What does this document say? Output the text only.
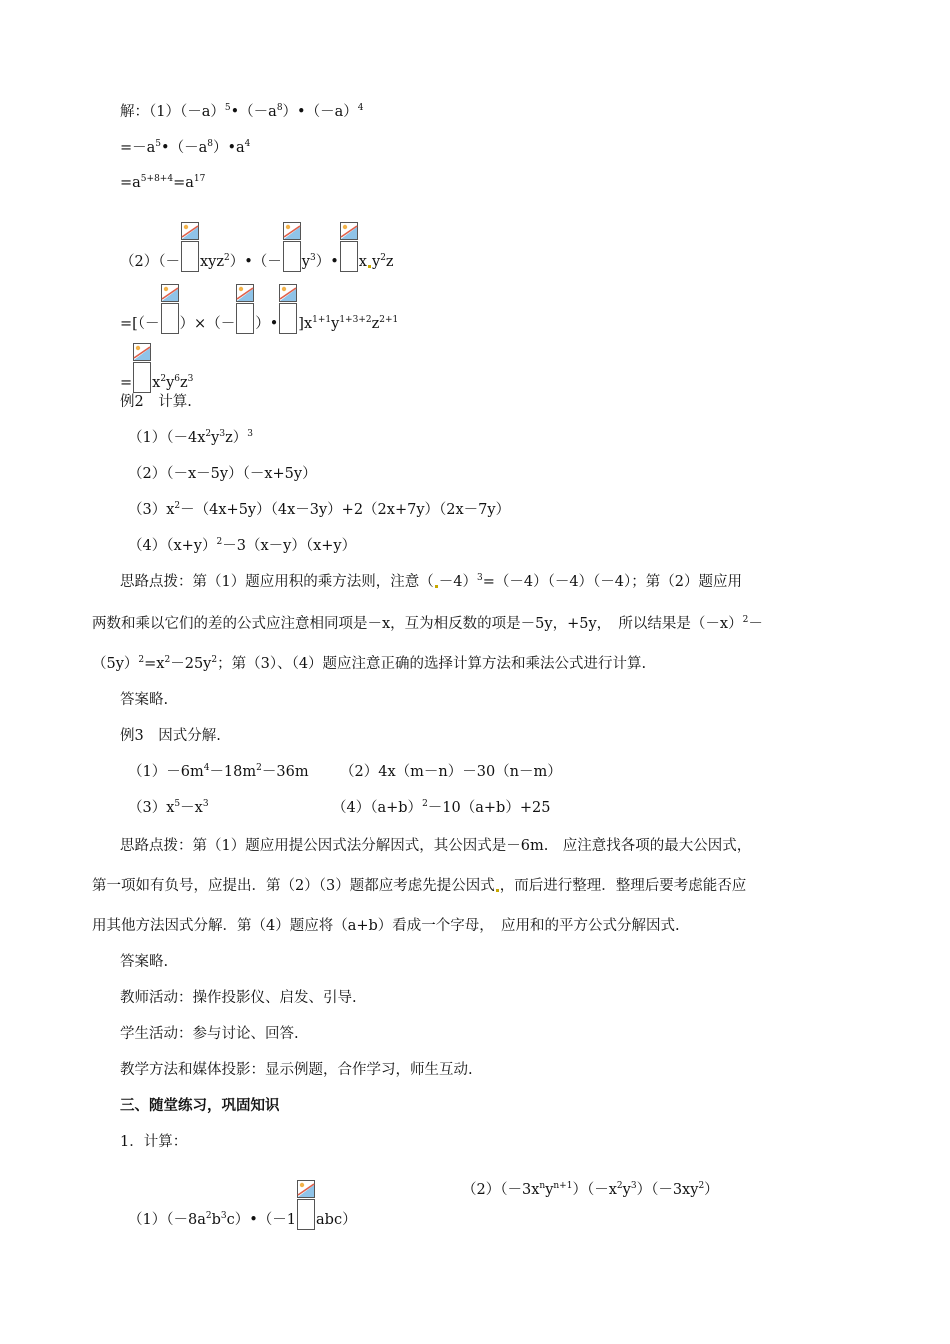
解：$(1)(-a)^5•(-a^8)•(-a)^4$
$=-a^5•(-a^8)•a^4$
$=a^{5+8+4}=a^{17}$
（2）（－ xyz$^2$）•（－ $y^3)•$ x $y^2z$
=[（－ ）×（－ ）• ]$x^{1+1}y^{1+3+2}z^{2+1}$
= $x^2y^6z^3$
例2　计算.
$(1)(-4x^2y^3z)^3$
（2）（－x－5y）（－x+5y）
$(3)x^2-(4x+5y)(4x-3y)+2(2x+7y)(2x-7y)$
$(4)(x+y)^2-3(x-y)(x+y)$
思路点拨：第（1）题应用积的乘方法则，注意（ －4）$^3$=（－4）（－4）（－4）；第（2）题应用
两数和乘以它们的差的公式应注意相同项是－x，互为相反数的项是－5y，+5y，　所以结果是$(-x)^2-$
$(5y)^2=x^2-25y^2$；第（3）、（4）题应注意正确的选择计算方法和乘法公式进行计算.
答案略.
例3　因式分解.
$(1)-6m^4-18m^2-36m$ （2）4x（m－n）－30（n－m）
$(3)x^5-x^3$	$(4)(a+b)^2-10(a+b)+25$
思路点拨：第（1）题应用提公因式法分解因式，其公因式是－6m.　应注意找各项的最大公因式，
第一项如有负号，应提出．第（2）（3）题都应考虑先提公因式 ，而后进行整理．整理后要考虑能否应
用其他方法因式分解．第（4）题应将（a+b）看成一个字母，　应用和的平方公式分解因式.
答案略.
教师活动：操作投影仪、启发、引导.
学生活动：参与讨论、回答.
教学方法和媒体投影：显示例题，合作学习，师生互动.
三、随堂练习，巩固知识
1．计算：
$(1)(-8a^2b^3c)•(-1$ abc）
$(2)(-3x^ny^{n+1})(-x^2y^3)(-3xy^2)$
